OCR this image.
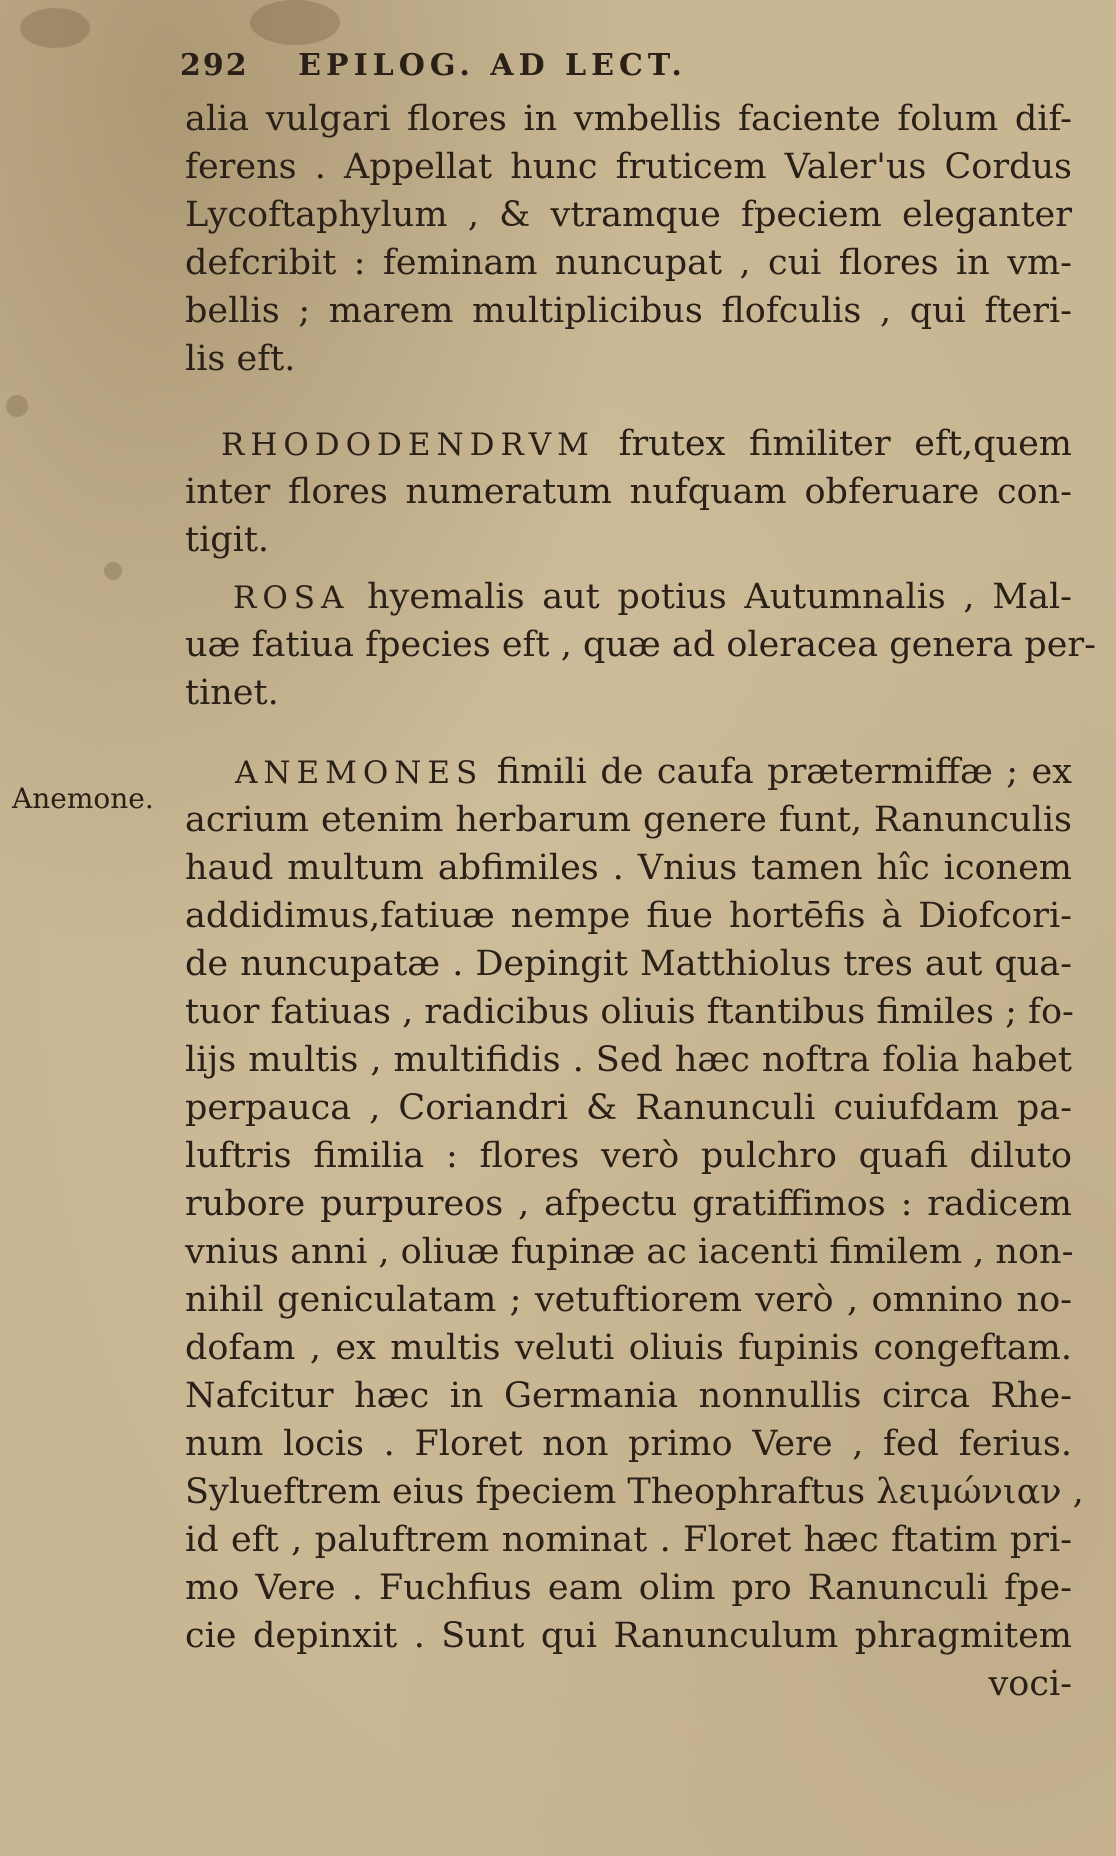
292 EPILOG. AD LECT.
Anemone.
alia vulgari flores in vmbellis faciente folum dif-
ferens . Appellat hunc fruticem Valer'us Cordus
Lycoftaphylum , & vtramque fpeciem eleganter
defcribit : feminam nuncupat , cui flores in vm-
bellis ; marem multiplicibus flofculis , qui fteri-
lis eft.
RHODODENDRVM frutex fimiliter eft,quem
inter flores numeratum nufquam obferuare con-
tigit.
ROSA hyemalis aut potius Autumnalis , Mal-
uæ fatiua fpecies eft , quæ ad oleracea genera per-
tinet.
ANEMONES fimili de caufa prætermiffæ ; ex
acrium etenim herbarum genere funt, Ranunculis
haud multum abfimiles . Vnius tamen hîc iconem
addidimus,fatiuæ nempe fiue hortēfis à Diofcori-
de nuncupatæ . Depingit Matthiolus tres aut qua-
tuor fatiuas , radicibus oliuis ftantibus fimiles ; fo-
lijs multis , multifidis . Sed hæc noftra folia habet
perpauca , Coriandri & Ranunculi cuiufdam pa-
luftris fimilia : flores verò pulchro quafi diluto
rubore purpureos , afpectu gratiffimos : radicem
vnius anni , oliuæ fupinæ ac iacenti fimilem , non-
nihil geniculatam ; vetuftiorem verò , omnino no-
dofam , ex multis veluti oliuis fupinis congeftam.
Nafcitur hæc in Germania nonnullis circa Rhe-
num locis . Floret non primo Vere , fed ferius.
Sylueftrem eius fpeciem Theophraftus λειμώνιαν ,
id eft , paluftrem nominat . Floret hæc ftatim pri-
mo Vere . Fuchfius eam olim pro Ranunculi fpe-
cie depinxit . Sunt qui Ranunculum phragmitem
voci-
